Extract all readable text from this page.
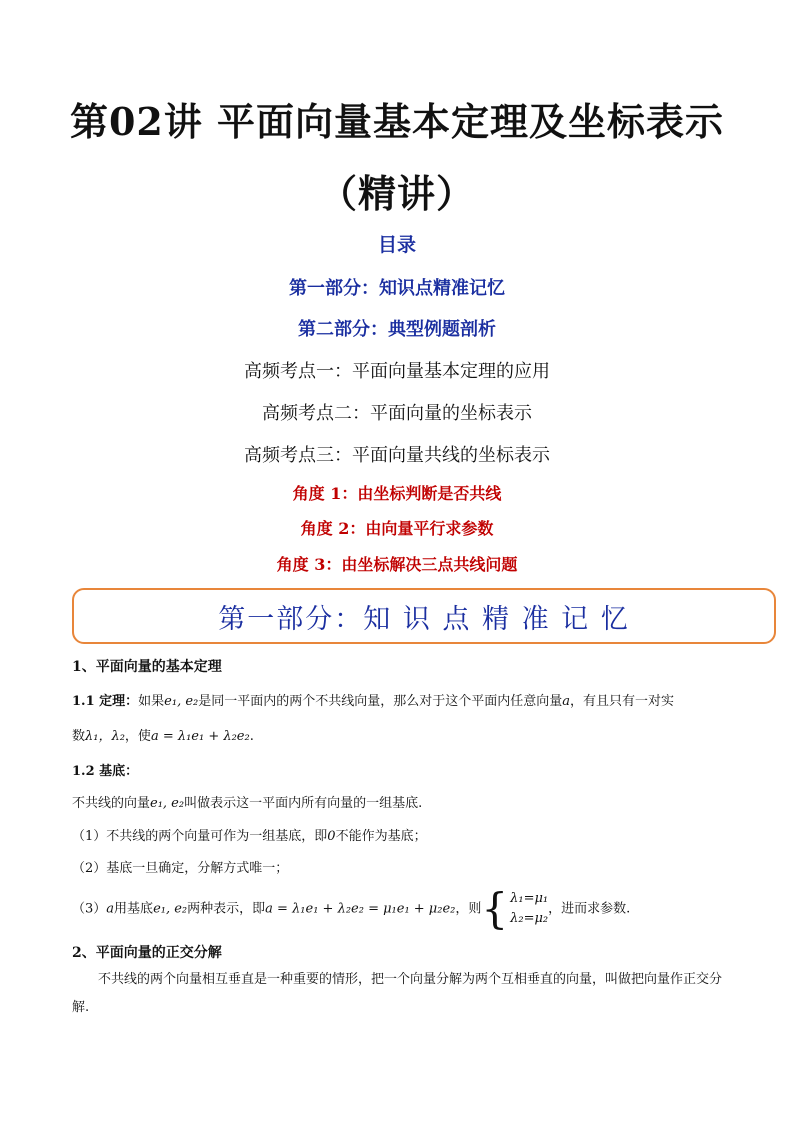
第02讲 平面向量基本定理及坐标表示（精讲）
目录
第一部分：知识点精准记忆
第二部分：典型例题剖析
高频考点一：平面向量基本定理的应用
高频考点二：平面向量的坐标表示
高频考点三：平面向量共线的坐标表示
角度 1：由坐标判断是否共线
角度 2：由向量平行求参数
角度 3：由坐标解决三点共线问题
第一部分：知 识 点 精 准 记 忆
1、平面向量的基本定理
1.1 定理：如果e₁, e₂是同一平面内的两个不共线向量，那么对于这个平面内任意向量a，有且只有一对实
数λ₁，λ₂，使a = λ₁e₁ + λ₂e₂.
1.2 基底：
不共线的向量e₁, e₂叫做表示这一平面内所有向量的一组基底.
（1）不共线的两个向量可作为一组基底，即0不能作为基底；
（2）基底一旦确定，分解方式唯一；
（3）a用基底e₁, e₂两种表示，即a = λ₁e₁ + λ₂e₂ = μ₁e₁ + μ₂e₂，则 { λ₁=μ₁
λ₂=μ₂
，进而求参数.
2、平面向量的正交分解
不共线的两个向量相互垂直是一种重要的情形，把一个向量分解为两个互相垂直的向量，叫做把向量作正交分解.
